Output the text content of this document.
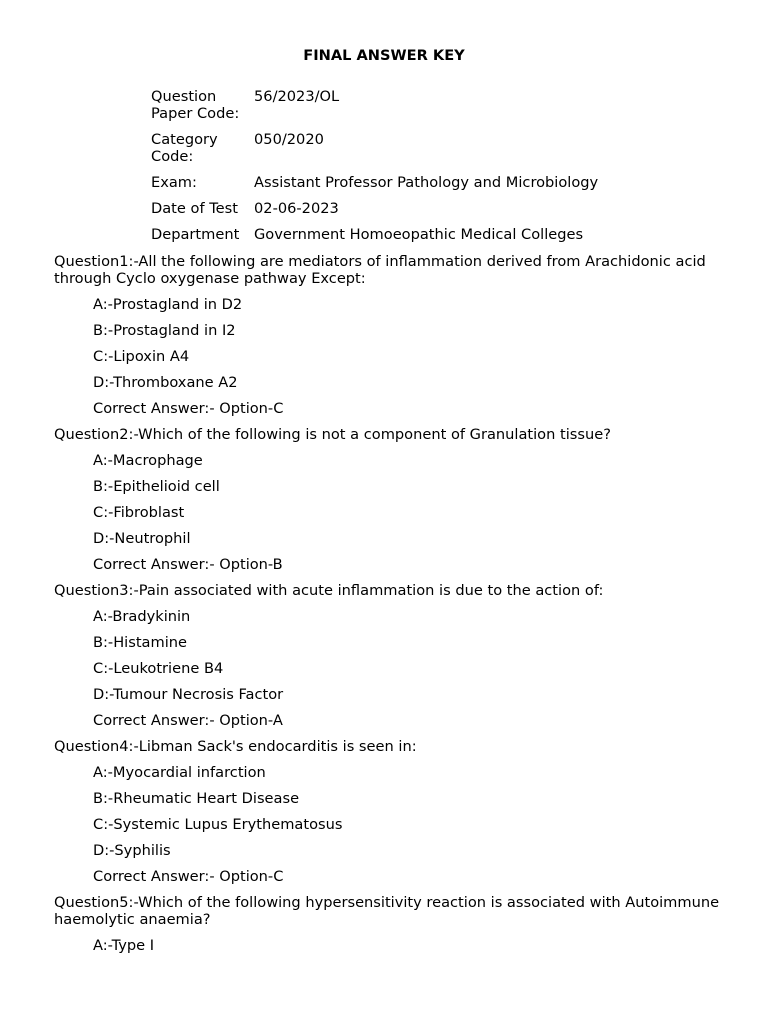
FINAL ANSWER KEY
Question Paper Code:	56/2023/OL
Category Code:	050/2020
Exam:	Assistant Professor Pathology and Microbiology
Date of Test	02-06-2023
Department	Government Homoeopathic Medical Colleges

Question1:-All the following are mediators of inflammation derived from Arachidonic acid through Cyclo oxygenase pathway Except:

A:-Prostagland in D2

B:-Prostagland in I2

C:-Lipoxin A4

D:-Thromboxane A2

Correct Answer:- Option-C

Question2:-Which of the following is not a component of Granulation tissue?

A:-Macrophage

B:-Epithelioid cell

C:-Fibroblast

D:-Neutrophil

Correct Answer:- Option-B

Question3:-Pain associated with acute inflammation is due to the action of:

A:-Bradykinin

B:-Histamine

C:-Leukotriene B4

D:-Tumour Necrosis Factor

Correct Answer:- Option-A

Question4:-Libman Sack's endocarditis is seen in:

A:-Myocardial infarction

B:-Rheumatic Heart Disease

C:-Systemic Lupus Erythematosus

D:-Syphilis

Correct Answer:- Option-C

Question5:-Which of the following hypersensitivity reaction is associated with Autoimmune haemolytic anaemia?

A:-Type I
